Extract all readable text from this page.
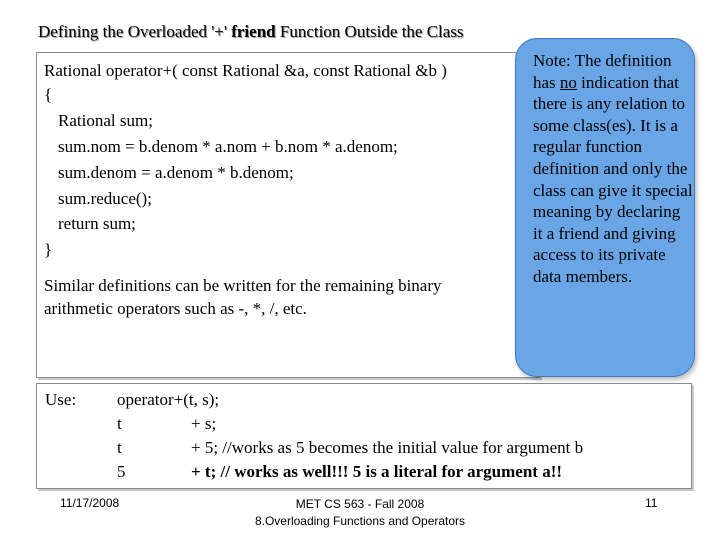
Defining the Overloaded '+' friend Function Outside the Class
Rational operator+( const Rational &a, const Rational &b )
{
Rational sum;
sum.nom = b.denom * a.nom + b.nom * a.denom;
sum.denom = a.denom * b.denom;
sum.reduce();
return sum;
}
Similar definitions can be written for the remaining binary
arithmetic operators such as -, *, /, etc.
Note: The definition has no indication that there is any relation to some class(es). It is a regular function definition and only the class can give it special meaning by declaring it a friend and giving access to its private data members.
Use: operator+(t, s);
t	+ s;
t	+ 5; //works as 5 becomes the initial value for argument b
5	+ t; // works as well!!! 5 is a literal for argument a!!
11/17/2008	MET CS 563 - Fall 2008
8.Overloading Functions and Operators
11
